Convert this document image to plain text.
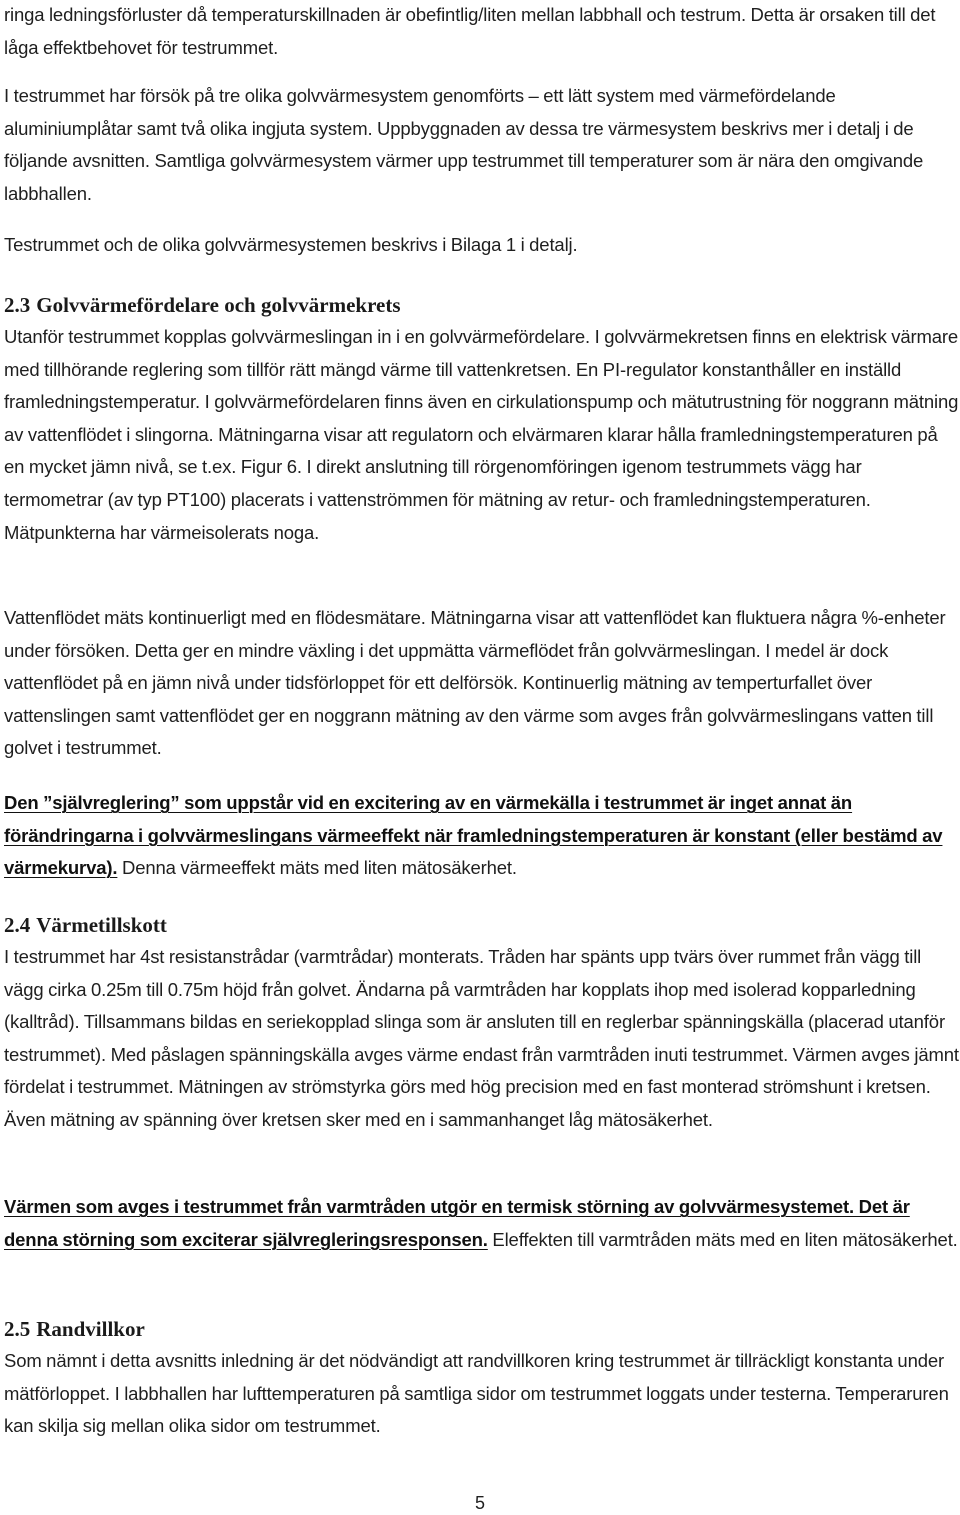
ringa ledningsförluster då temperaturskillnaden är obefintlig/liten mellan labbhall och testrum. Detta är orsaken till det låga effektbehovet för testrummet.

I testrummet har försök på tre olika golvvärmesystem genomförts – ett lätt system med värmefördelande aluminiumplåtar samt två olika ingjuta system. Uppbyggnaden av dessa tre värmesystem beskrivs mer i detalj i de följande avsnitten. Samtliga golvvärmesystem värmer upp testrummet till temperaturer som är nära den omgivande labbhallen.

Testrummet och de olika golvvärmesystemen beskrivs i Bilaga 1 i detalj.

2.3 Golvvärmefördelare och golvvärmekrets

Utanför testrummet kopplas golvvärmeslingan in i en golvvärmefördelare. I golvvärmekretsen finns en elektrisk värmare med tillhörande reglering som tillför rätt mängd värme till vattenkretsen. En PI-regulator konstanthåller en inställd framledningstemperatur. I golvvärmefördelaren finns även en cirkulationspump och mätutrustning för noggrann mätning av vattenflödet i slingorna. Mätningarna visar att regulatorn och elvärmaren klarar hålla framledningstemperaturen på en mycket jämn nivå, se t.ex. Figur 6. I direkt anslutning till rörgenomföringen igenom testrummets vägg har termometrar (av typ PT100) placerats i vattenströmmen för mätning av retur- och framledningstemperaturen. Mätpunkterna har värmeisolerats noga.

Vattenflödet mäts kontinuerligt med en flödesmätare. Mätningarna visar att vattenflödet kan fluktuera några %-enheter under försöken. Detta ger en mindre växling i det uppmätta värmeflödet från golvvärmeslingan. I medel är dock vattenflödet på en jämn nivå under tidsförloppet för ett delförsök. Kontinuerlig mätning av temperturfallet över vattenslingen samt vattenflödet ger en noggrann mätning av den värme som avges från golvvärmeslingans vatten till golvet i testrummet.

Den ”självreglering” som uppstår vid en excitering av en värmekälla i testrummet är inget annat än förändringarna i golvvärmeslingans värmeeffekt när framledningstemperaturen är konstant (eller bestämd av värmekurva). Denna värmeeffekt mäts med liten mätosäkerhet.

2.4 Värmetillskott

I testrummet har 4st resistanstrådar (varmtrådar) monterats. Tråden har spänts upp tvärs över rummet från vägg till vägg cirka 0.25m till 0.75m höjd från golvet. Ändarna på varmtråden har kopplats ihop med isolerad kopparledning (kalltråd). Tillsammans bildas en seriekopplad slinga som är ansluten till en reglerbar spänningskälla (placerad utanför testrummet). Med påslagen spänningskälla avges värme endast från varmtråden inuti testrummet. Värmen avges jämnt fördelat i testrummet. Mätningen av strömstyrka görs med hög precision med en fast monterad strömshunt i kretsen. Även mätning av spänning över kretsen sker med en i sammanhanget låg mätosäkerhet.

Värmen som avges i testrummet från varmtråden utgör en termisk störning av golvvärmesystemet. Det är denna störning som exciterar självregleringsresponsen. Eleffekten till varmtråden mäts med en liten mätosäkerhet.

2.5 Randvillkor

Som nämnt i detta avsnitts inledning är det nödvändigt att randvillkoren kring testrummet är tillräckligt konstanta under mätförloppet. I labbhallen har lufttemperaturen på samtliga sidor om testrummet loggats under testerna. Temperaruren kan skilja sig mellan olika sidor om testrummet.

5
